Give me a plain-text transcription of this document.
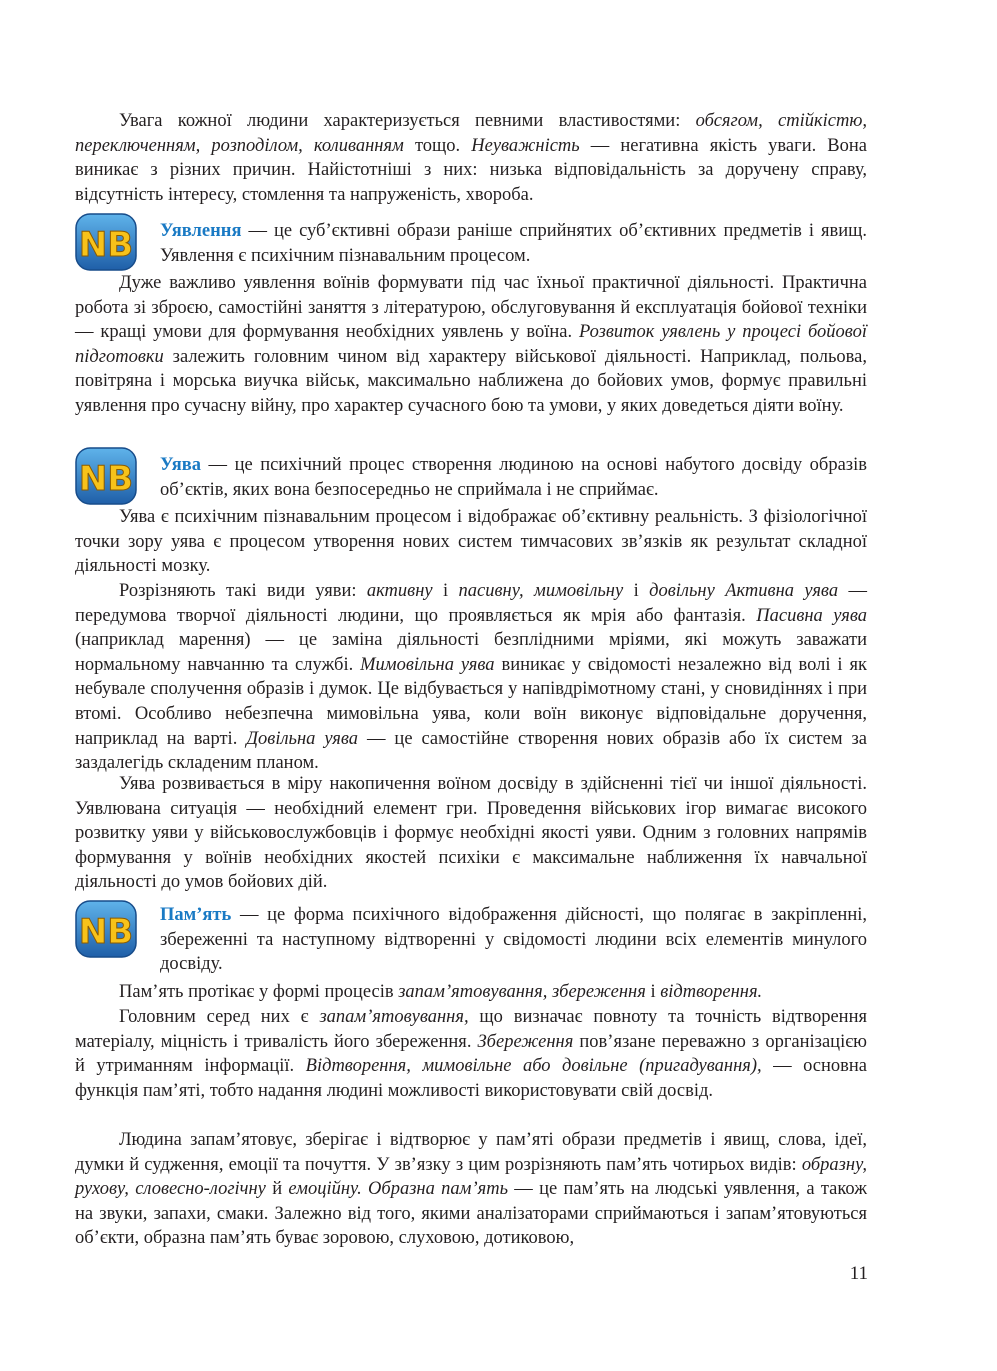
Увага кожної людини характеризується певними властивостями: обсягом, стійкістю, переключенням, розподілом, коливанням тощо. Неуважність — негативна якість уваги. Вона виникає з різних причин. Найістотніші з них: низька відповідальність за доручену справу, відсутність інтересу, стомлення та напруженість, хвороба.

NB Уявлення — це суб’єктивні образи раніше сприйнятих об’єктивних предметів і явищ. Уявлення є психічним пізнавальним процесом.

Дуже важливо уявлення воїнів формувати під час їхньої практичної діяльності. Практична робота зі зброєю, самостійні заняття з літературою, обслуговування й експлуатація бойової техніки — кращі умови для формування необхідних уявлень у воїна. Розвиток уявлень у процесі бойової підготовки залежить головним чином від характеру військової діяльності. Наприклад, польова, повітряна і морська виучка військ, максимально наближена до бойових умов, формує правильні уявлення про сучасну війну, про характер сучасного бою та умови, у яких доведеться діяти воїну.

NB Уява — це психічний процес створення людиною на основі набутого досвіду образів об’єктів, яких вона безпосередньо не сприймала і не сприймає.

Уява є психічним пізнавальним процесом і відображає об’єктивну реальність. З фізіологічної точки зору уява є процесом утворення нових систем тимчасових зв’язків як результат складної діяльності мозку.

Розрізняють такі види уяви: активну і пасивну, мимовільну і довільну Активна уява — передумова творчої діяльності людини, що проявляється як мрія або фантазія. Пасивна уява (наприклад марення) — це заміна діяльності безплідними мріями, які можуть заважати нормальному навчанню та службі. Мимовільна уява виникає у свідомості незалежно від волі і як небувале сполучення образів і думок. Це відбувається у напівдрімотному стані, у сновидіннях і при втомі. Особливо небезпечна мимовільна уява, коли воїн виконує відповідальне доручення, наприклад на варті. Довільна уява — це самостійне створення нових образів або їх систем за заздалегідь складеним планом.

Уява розвивається в міру накопичення воїном досвіду в здійсненні тієї чи іншої діяльності. Уявлювана ситуація — необхідний елемент гри. Проведення військових ігор вимагає високого розвитку уяви у військовослужбовців і формує необхідні якості уяви. Одним з головних напрямів формування у воїнів необхідних якостей психіки є максимальне наближення їх навчальної діяльності до умов бойових дій.

NB Пам’ять — це форма психічного відображення дійсності, що полягає в закріпленні, збереженні та наступному відтворенні у свідомості людини всіх елементів минулого досвіду.

Пам’ять протікає у формі процесів запам’ятовування, збереження і відтворення.

Головним серед них є запам’ятовування, що визначає повноту та точність відтворення матеріалу, міцність і тривалість його збереження. Збереження пов’язане переважно з організацією й утриманням інформації. Відтворення, мимовільне або довільне (пригадування), — основна функція пам’яті, тобто надання людині можливості використовувати свій досвід.

Людина запам’ятовує, зберігає і відтворює у пам’яті образи предметів і явищ, слова, ідеї, думки й судження, емоції та почуття. У зв’язку з цим розрізняють пам’ять чотирьох видів: образну, рухову, словесно-логічну й емоційну. Образна пам’ять — це пам’ять на людські уявлення, а також на звуки, запахи, смаки. Залежно від того, якими аналізаторами сприймаються і запам’ятовуються об’єкти, образна пам’ять буває зоровою, слуховою, дотиковою,

11
